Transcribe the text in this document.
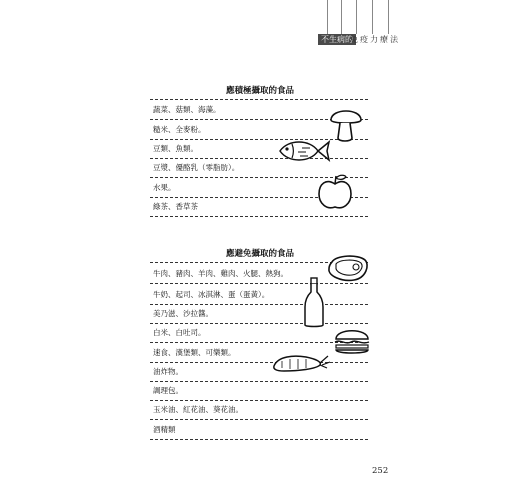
不生病的
免疫力療法
應積極攝取的食品
蔬菜、菇類、海藻。
糙米、全麥粉。
豆類、魚類。
豆漿、優酪乳（零脂肪）。
水果。
綠茶、香草茶
應避免攝取的食品
牛肉、豬肉、羊肉、雞肉、火腿、熱狗。
牛奶、起司、冰淇淋、蛋（蛋黃）。
美乃滋、沙拉醬。
白米、白吐司。
速食、漢堡類、可樂類。
油炸物。
調理包。
玉米油、紅花油、葵花油。
酒精類
252
